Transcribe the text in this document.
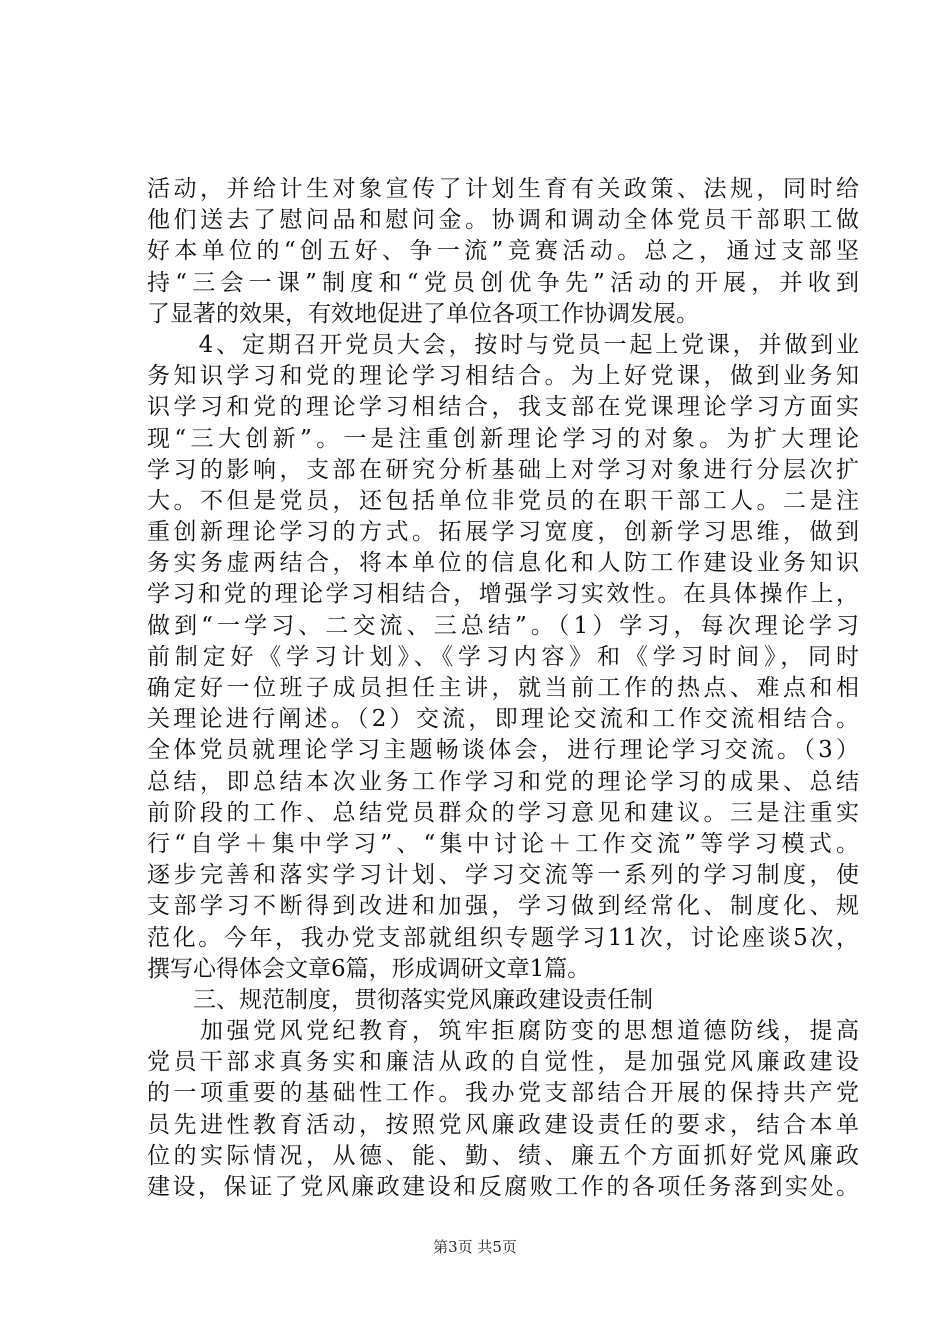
活动，并给计生对象宣传了计划生育有关政策、法规，同时给
他们送去了慰问品和慰问金。协调和调动全体党员干部职工做
好本单位的“创五好、争一流”竞赛活动。总之，通过支部坚
持“三会一课”制度和“党员创优争先”活动的开展，并收到
了显著的效果，有效地促进了单位各项工作协调发展。
　　4、定期召开党员大会，按时与党员一起上党课，并做到业
务知识学习和党的理论学习相结合。为上好党课，做到业务知
识学习和党的理论学习相结合，我支部在党课理论学习方面实
现“三大创新”。一是注重创新理论学习的对象。为扩大理论
学习的影响，支部在研究分析基础上对学习对象进行分层次扩
大。不但是党员，还包括单位非党员的在职干部工人。二是注
重创新理论学习的方式。拓展学习宽度，创新学习思维，做到
务实务虚两结合，将本单位的信息化和人防工作建设业务知识
学习和党的理论学习相结合，增强学习实效性。在具体操作上，
做到“一学习、二交流、三总结”。（1）学习，每次理论学习
前制定好《学习计划》、《学习内容》和《学习时间》，同时
确定好一位班子成员担任主讲，就当前工作的热点、难点和相
关理论进行阐述。（2）交流，即理论交流和工作交流相结合。
全体党员就理论学习主题畅谈体会，进行理论学习交流。（3）
总结，即总结本次业务工作学习和党的理论学习的成果、总结
前阶段的工作、总结党员群众的学习意见和建议。三是注重实
行“自学＋集中学习”、“集中讨论＋工作交流”等学习模式。
逐步完善和落实学习计划、学习交流等一系列的学习制度，使
支部学习不断得到改进和加强，学习做到经常化、制度化、规
范化。今年，我办党支部就组织专题学习11次，讨论座谈5次，
撰写心得体会文章6篇，形成调研文章1篇。
　　三、规范制度，贯彻落实党风廉政建设责任制
　　加强党风党纪教育，筑牢拒腐防变的思想道德防线，提高
党员干部求真务实和廉洁从政的自觉性，是加强党风廉政建设
的一项重要的基础性工作。我办党支部结合开展的保持共产党
员先进性教育活动，按照党风廉政建设责任的要求，结合本单
位的实际情况，从德、能、勤、绩、廉五个方面抓好党风廉政
建设，保证了党风廉政建设和反腐败工作的各项任务落到实处。
第3页 共5页
